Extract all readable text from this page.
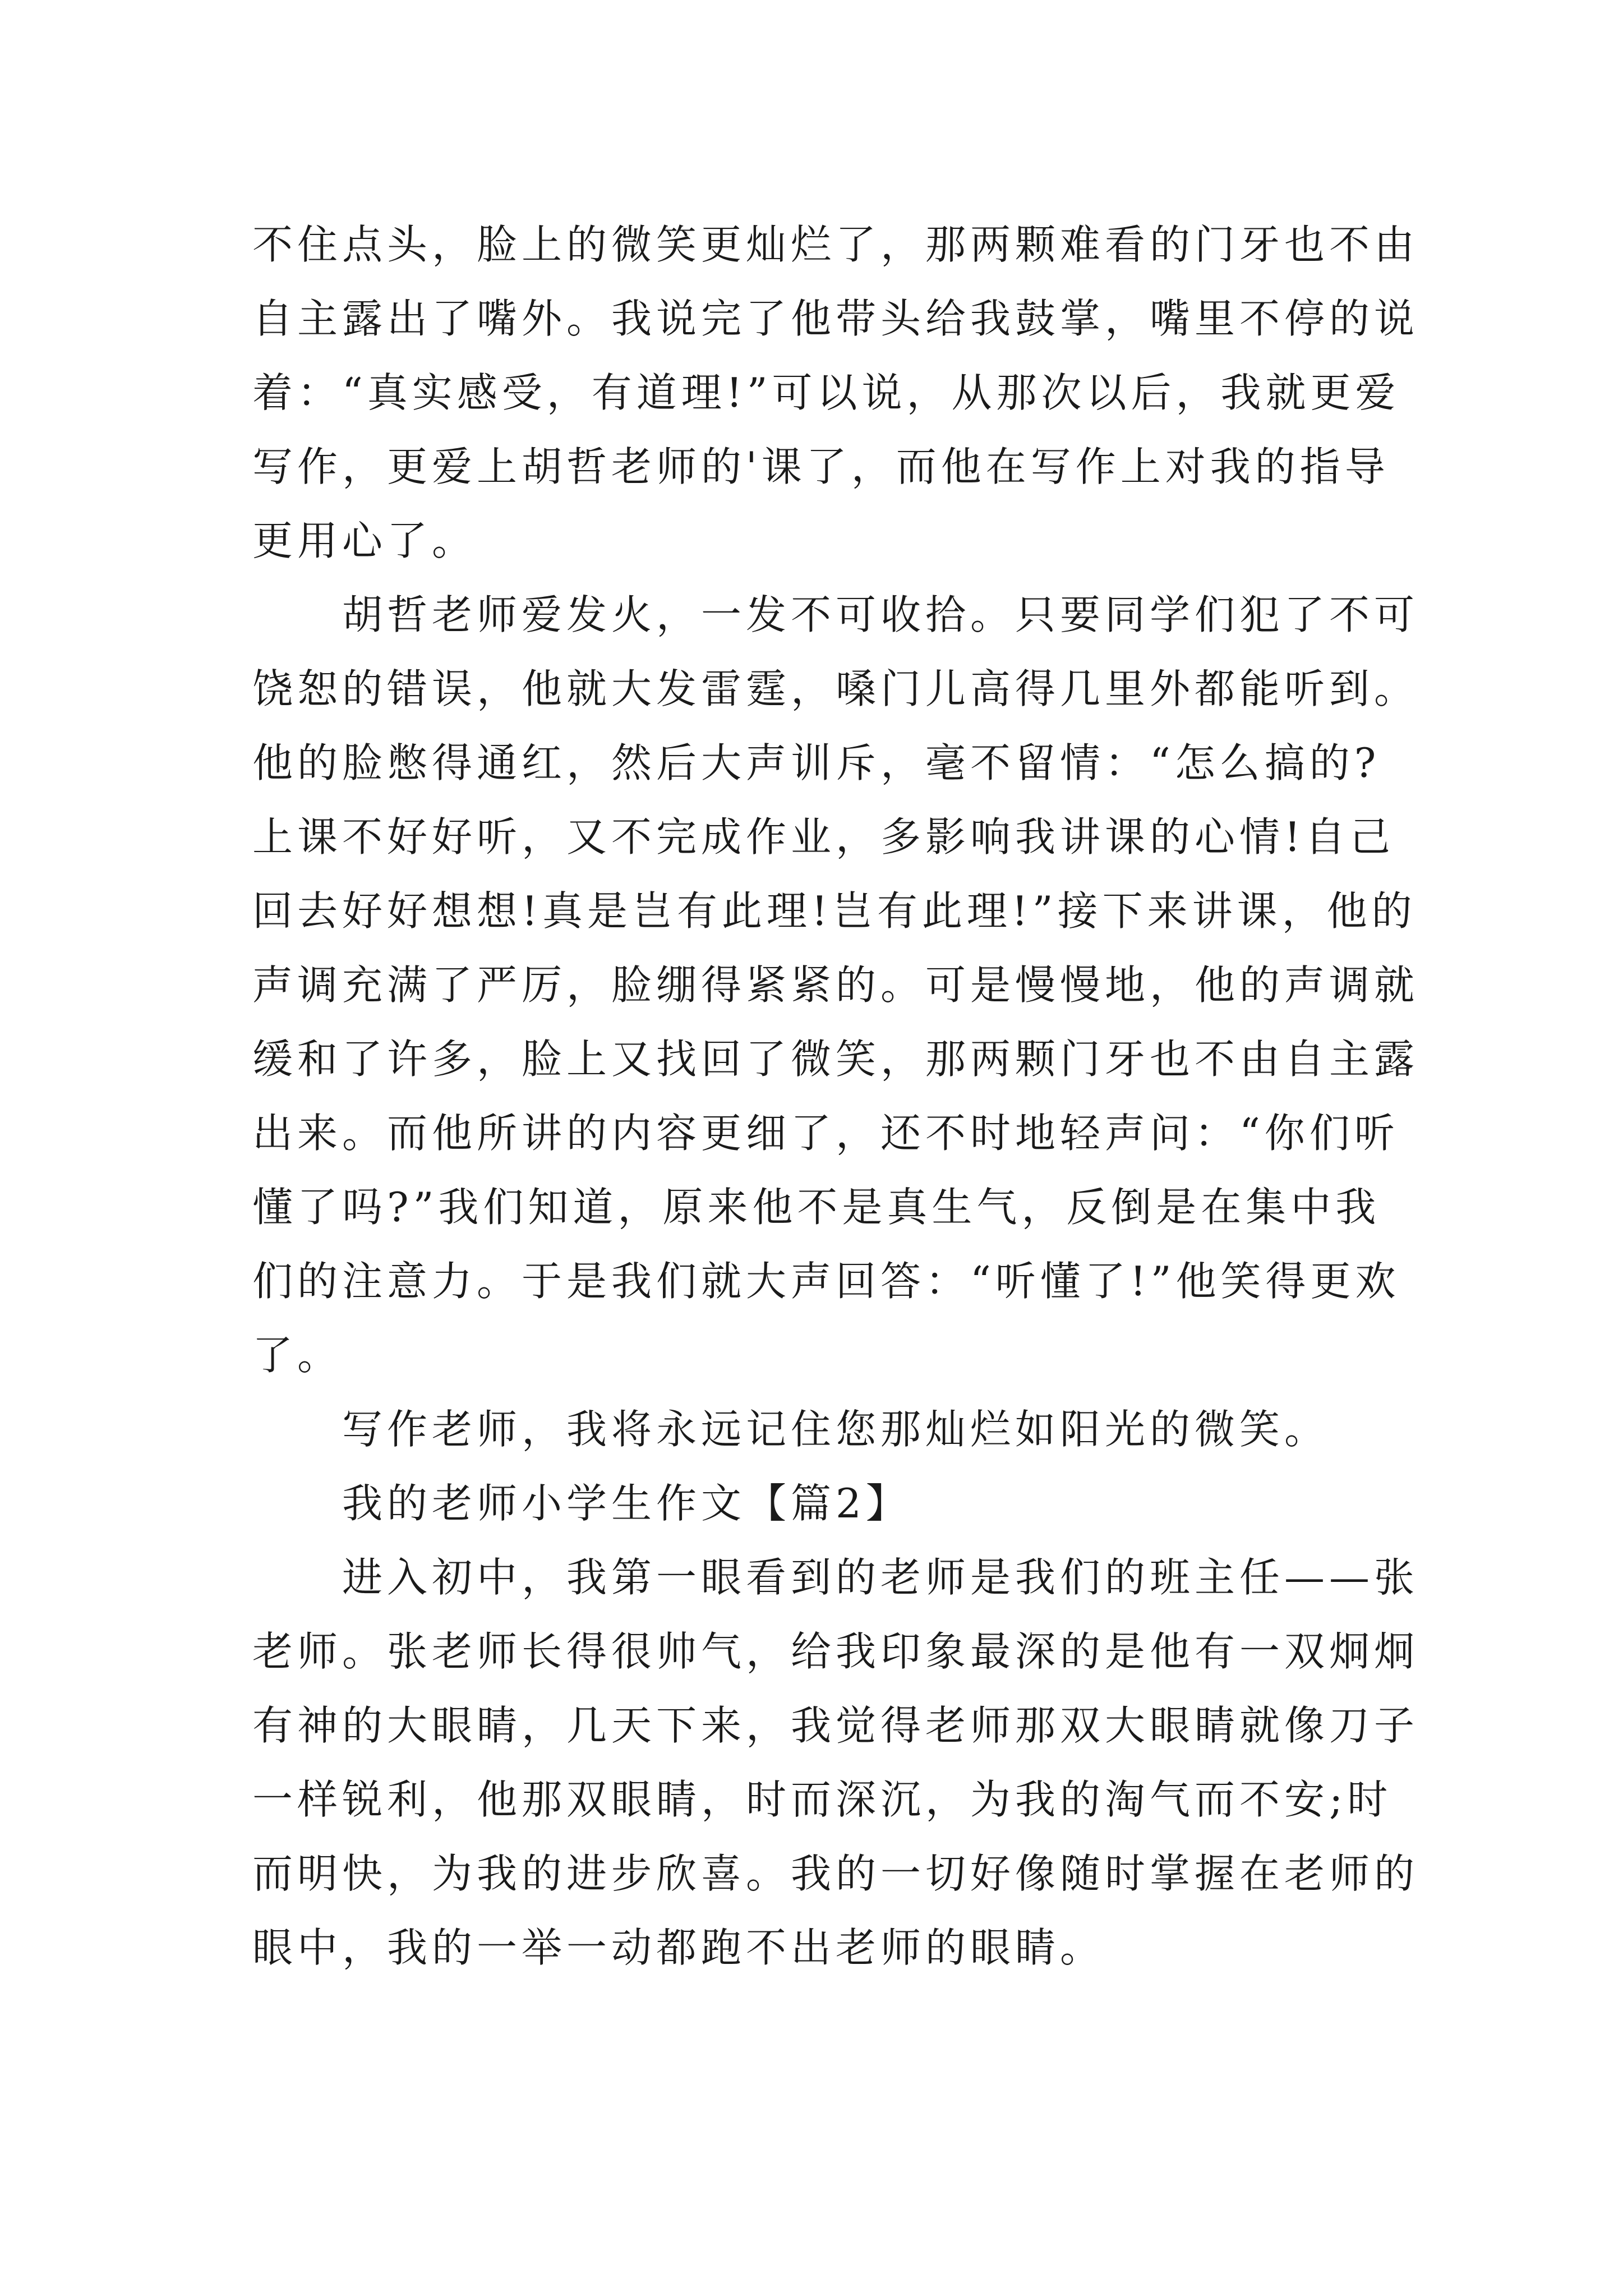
不住点头，脸上的微笑更灿烂了，那两颗难看的门牙也不由自主露出了嘴外。我说完了他带头给我鼓掌，嘴里不停的说着：“真实感受，有道理!”可以说，从那次以后，我就更爱写作，更爱上胡哲老师的'课了，而他在写作上对我的指导更用心了。

胡哲老师爱发火，一发不可收拾。只要同学们犯了不可饶恕的错误，他就大发雷霆，嗓门儿高得几里外都能听到。他的脸憋得通红，然后大声训斥，毫不留情：“怎么搞的?上课不好好听，又不完成作业，多影响我讲课的心情!自己回去好好想想!真是岂有此理!岂有此理!”接下来讲课，他的声调充满了严厉，脸绷得紧紧的。可是慢慢地，他的声调就缓和了许多，脸上又找回了微笑，那两颗门牙也不由自主露出来。而他所讲的内容更细了，还不时地轻声问：“你们听懂了吗?”我们知道，原来他不是真生气，反倒是在集中我们的注意力。于是我们就大声回答：“听懂了!”他笑得更欢了。

写作老师，我将永远记住您那灿烂如阳光的微笑。

我的老师小学生作文【篇2】

进入初中，我第一眼看到的老师是我们的班主任——张老师。张老师长得很帅气，给我印象最深的是他有一双炯炯有神的大眼睛，几天下来，我觉得老师那双大眼睛就像刀子一样锐利，他那双眼睛，时而深沉，为我的淘气而不安;时而明快，为我的进步欣喜。我的一切好像随时掌握在老师的眼中，我的一举一动都跑不出老师的眼睛。
